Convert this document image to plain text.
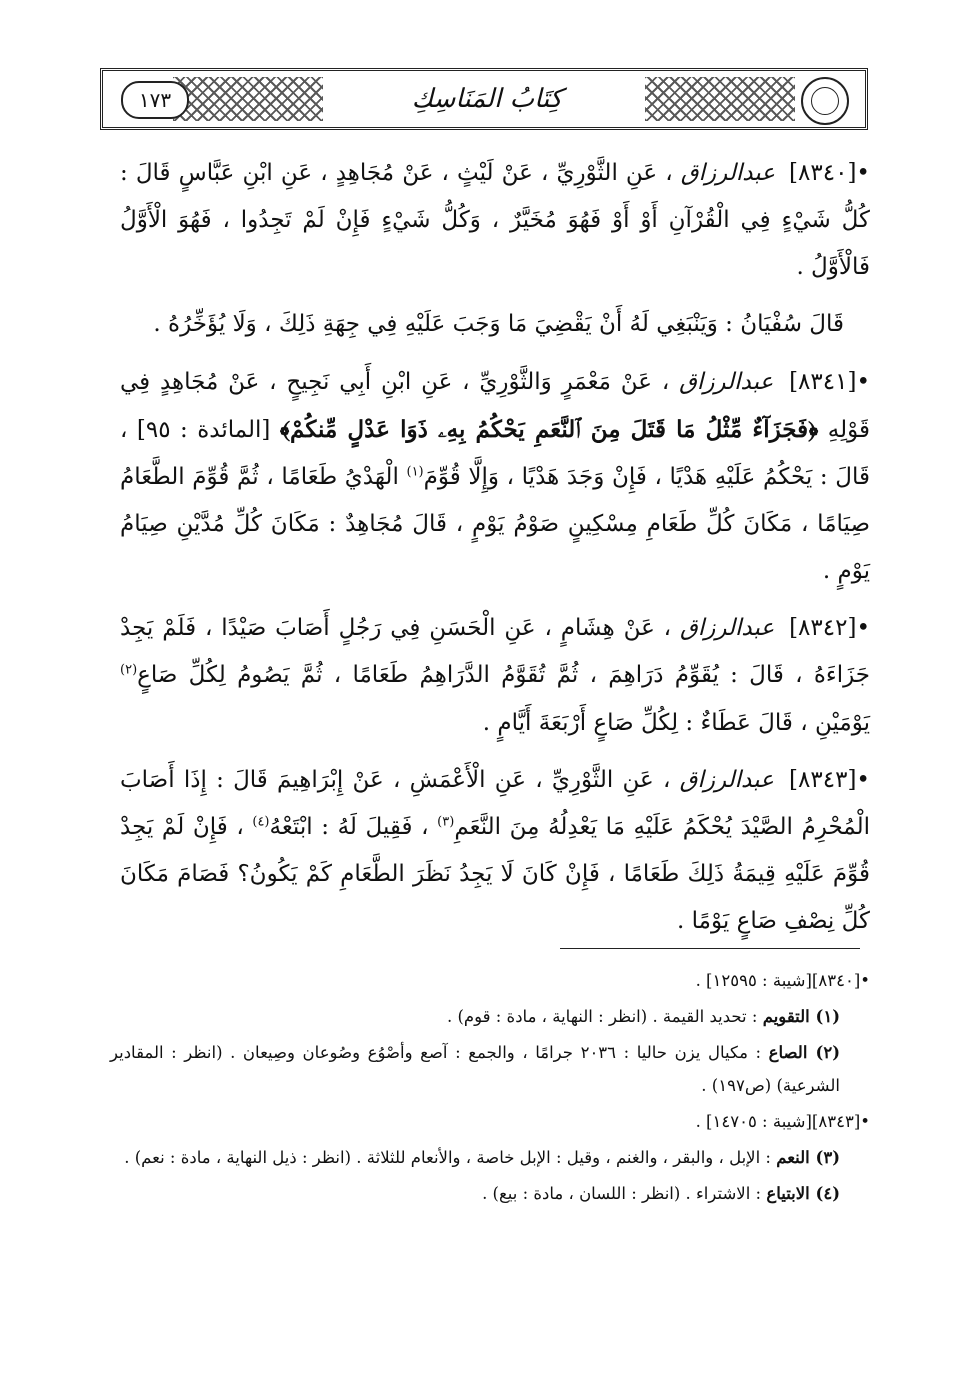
١٧٣	كِتَابُ المَنَاسِكِ

•[٨٣٤٠] عبدالرزاق ، عَنِ الثَّوْرِيِّ ، عَنْ لَيْثٍ ، عَنْ مُجَاهِدٍ ، عَنِ ابْنِ عَبَّاسٍ قَالَ : كُلُّ شَيْءٍ فِي الْقُرْآنِ أَوْ أَوْ فَهُوَ مُخَيَّرٌ ، وَكُلُّ شَيْءٍ فَإِنْ لَمْ تَجِدُوا ، فَهُوَ الْأَوَّلُ فَالْأَوَّلُ .

قَالَ سُفْيَانُ : وَيَنْبَغِي لَهُ أَنْ يَقْضِيَ مَا وَجَبَ عَلَيْهِ فِي جِهَةِ ذَلِكَ ، وَلَا يُؤَخِّرُهُ .

•[٨٣٤١] عبدالرزاق ، عَنْ مَعْمَرٍ وَالثَّوْرِيِّ ، عَنِ ابْنِ أَبِي نَجِيحٍ ، عَنْ مُجَاهِدٍ فِي قَوْلِهِ ﴿فَجَزَآءٌ مِّثْلُ مَا قَتَلَ مِنَ ٱلنَّعَمِ يَحْكُمُ بِهِۦ ذَوَا عَدْلٍ مِّنكُمْ﴾ [المائدة : ٩٥] ، قَالَ : يَحْكُمُ عَلَيْهِ هَدْيًا ، فَإِنْ وَجَدَ هَدْيًا ، وَإِلَّا قُوِّمَ$^{(١)}$ الْهَدْيُ طَعَامًا ، ثُمَّ قُوِّمَ الطَّعَامُ صِيَامًا ، مَكَانَ كُلِّ طَعَامِ مِسْكِينٍ صَوْمُ يَوْمٍ ، قَالَ مُجَاهِدٌ : مَكَانَ كُلِّ مُدَّيْنِ صِيَامُ يَوْمٍ .

•[٨٣٤٢] عبدالرزاق ، عَنْ هِشَامٍ ، عَنِ الْحَسَنِ فِي رَجُلٍ أَصَابَ صَيْدًا ، فَلَمْ يَجِدْ جَزَاءَهُ ، قَالَ : يُقَوِّمُ دَرَاهِمَ ، ثُمَّ تُقَوَّمُ الدَّرَاهِمُ طَعَامًا ، ثُمَّ يَصُومُ لِكُلِّ صَاعٍ$^{(٢)}$ يَوْمَيْنِ ، قَالَ عَطَاءٌ : لِكُلِّ صَاعٍ أَرْبَعَةَ أَيَّامٍ .

•[٨٣٤٣] عبدالرزاق ، عَنِ الثَّوْرِيِّ ، عَنِ الْأَعْمَشِ ، عَنْ إِبْرَاهِيمَ قَالَ : إِذَا أَصَابَ الْمُحْرِمُ الصَّيْدَ يُحْكَمُ عَلَيْهِ مَا يَعْدِلُهُ مِنَ النَّعَمِ$^{(٣)}$ ، فَقِيلَ لَهُ : ابْتَعْهُ$^{(٤)}$ ، فَإِنْ لَمْ يَجِدْ قُوِّمَ عَلَيْهِ قِيمَةُ ذَلِكَ طَعَامًا ، فَإِنْ كَانَ لَا يَجِدُ نَظَرَ الطَّعَامِ كَمْ يَكُونُ؟ فَصَامَ مَكَانَ كُلِّ نِصْفِ صَاعٍ يَوْمًا .

•[٨٣٤٠][شيبة : ١٢٥٩٥] .

(١) التقويم : تحديد القيمة . (انظر : النهاية ، مادة : قوم) .

(٢) الصاع : مكيال يزن حاليا : ٢٠٣٦ جرامًا ، والجمع : آصع وأصْوُع وصُوعان وصِيعان . (انظر : المقادير الشرعية) (ص١٩٧) .

•[٨٣٤٣][شيبة : ١٤٧٠٥] .

(٣) النعم : الإبل ، والبقر ، والغنم ، وقيل : الإبل خاصة ، والأنعام للثلاثة . (انظر : ذيل النهاية ، مادة : نعم) .

(٤) الابتياع : الاشتراء . (انظر : اللسان ، مادة : بيع) .
